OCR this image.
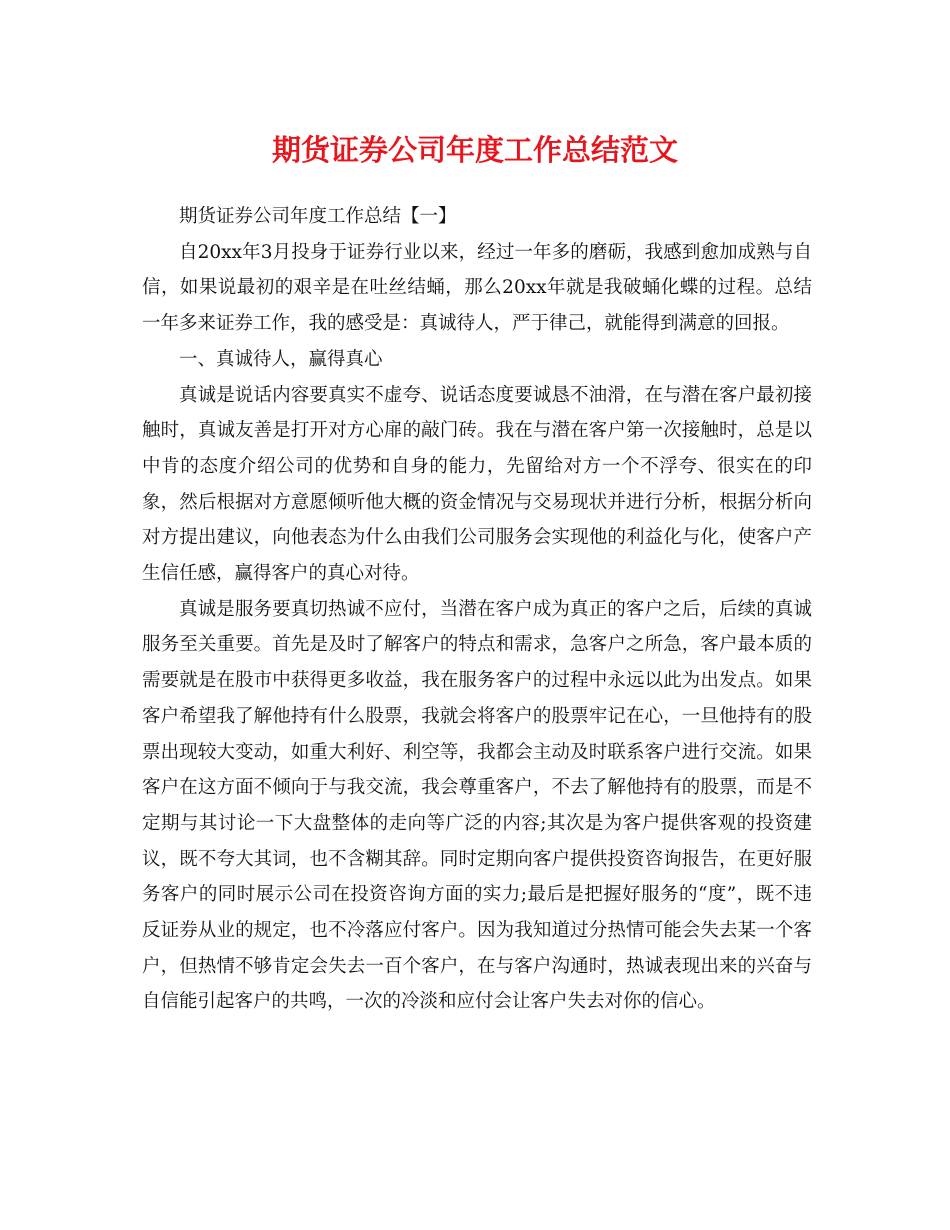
期货证券公司年度工作总结范文

期货证券公司年度工作总结【一】

自20xx年3月投身于证券行业以来，经过一年多的磨砺，我感到愈加成熟与自信，如果说最初的艰辛是在吐丝结蛹，那么20xx年就是我破蛹化蝶的过程。总结一年多来证券工作，我的感受是：真诚待人，严于律己，就能得到满意的回报。

一、真诚待人，赢得真心

真诚是说话内容要真实不虚夸、说话态度要诚恳不油滑，在与潜在客户最初接触时，真诚友善是打开对方心扉的敲门砖。我在与潜在客户第一次接触时，总是以中肯的态度介绍公司的优势和自身的能力，先留给对方一个不浮夸、很实在的印象，然后根据对方意愿倾听他大概的资金情况与交易现状并进行分析，根据分析向对方提出建议，向他表态为什么由我们公司服务会实现他的利益化与化，使客户产生信任感，赢得客户的真心对待。

真诚是服务要真切热诚不应付，当潜在客户成为真正的客户之后，后续的真诚服务至关重要。首先是及时了解客户的特点和需求，急客户之所急，客户最本质的需要就是在股市中获得更多收益，我在服务客户的过程中永远以此为出发点。如果客户希望我了解他持有什么股票，我就会将客户的股票牢记在心，一旦他持有的股票出现较大变动，如重大利好、利空等，我都会主动及时联系客户进行交流。如果客户在这方面不倾向于与我交流，我会尊重客户，不去了解他持有的股票，而是不定期与其讨论一下大盘整体的走向等广泛的内容;其次是为客户提供客观的投资建议，既不夸大其词，也不含糊其辞。同时定期向客户提供投资咨询报告，在更好服务客户的同时展示公司在投资咨询方面的实力;最后是把握好服务的“度”，既不违反证券从业的规定，也不冷落应付客户。因为我知道过分热情可能会失去某一个客户，但热情不够肯定会失去一百个客户，在与客户沟通时，热诚表现出来的兴奋与自信能引起客户的共鸣，一次的冷淡和应付会让客户失去对你的信心。
